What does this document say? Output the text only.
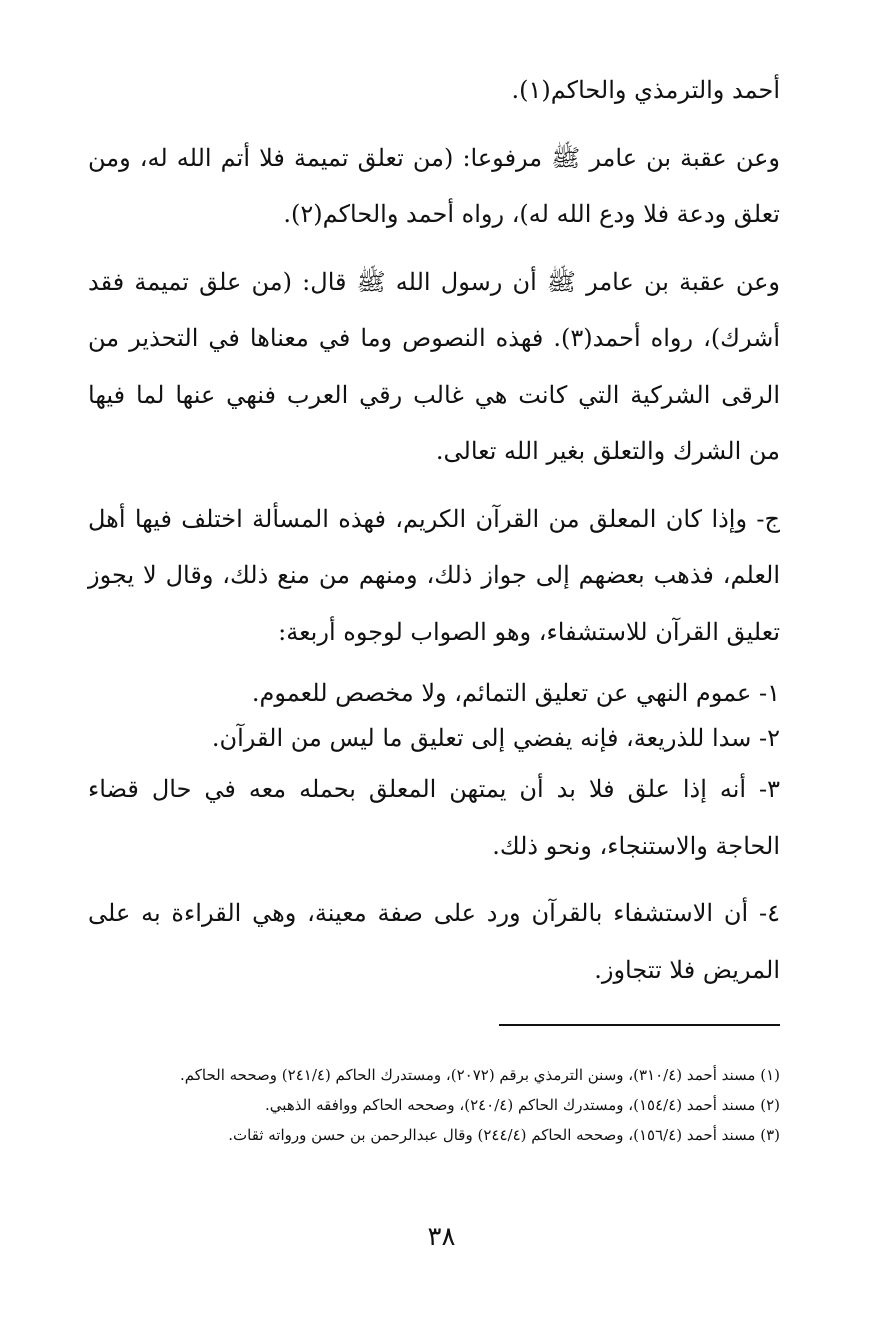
أحمد والترمذي والحاكم(١).

وعن عقبة بن عامر ﷺ مرفوعا: (من تعلق تميمة فلا أتم الله له، ومن تعلق ودعة فلا ودع الله له)، رواه أحمد والحاكم(٢).

وعن عقبة بن عامر ﷺ أن رسول الله ﷺ قال: (من علق تميمة فقد أشرك)، رواه أحمد(٣). فهذه النصوص وما في معناها في التحذير من الرقى الشركية التي كانت هي غالب رقي العرب فنهي عنها لما فيها من الشرك والتعلق بغير الله تعالى.

ج- وإذا كان المعلق من القرآن الكريم، فهذه المسألة اختلف فيها أهل العلم، فذهب بعضهم إلى جواز ذلك، ومنهم من منع ذلك، وقال لا يجوز تعليق القرآن للاستشفاء، وهو الصواب لوجوه أربعة:

١- عموم النهي عن تعليق التمائم، ولا مخصص للعموم.

٢- سدا للذريعة، فإنه يفضي إلى تعليق ما ليس من القرآن.

٣- أنه إذا علق فلا بد أن يمتهن المعلق بحمله معه في حال قضاء الحاجة والاستنجاء، ونحو ذلك.

٤- أن الاستشفاء بالقرآن ورد على صفة معينة، وهي القراءة به على المريض فلا تتجاوز.

(١) مسند أحمد (٣١٠/٤)، وسنن الترمذي برقم (٢٠٧٢)، ومستدرك الحاكم (٢٤١/٤) وصححه الحاكم.

(٢) مسند أحمد (١٥٤/٤)، ومستدرك الحاكم (٢٤٠/٤)، وصححه الحاكم ووافقه الذهبي.

(٣) مسند أحمد (١٥٦/٤)، وصححه الحاكم (٢٤٤/٤) وقال عبدالرحمن بن حسن ورواته ثقات.

٣٨
